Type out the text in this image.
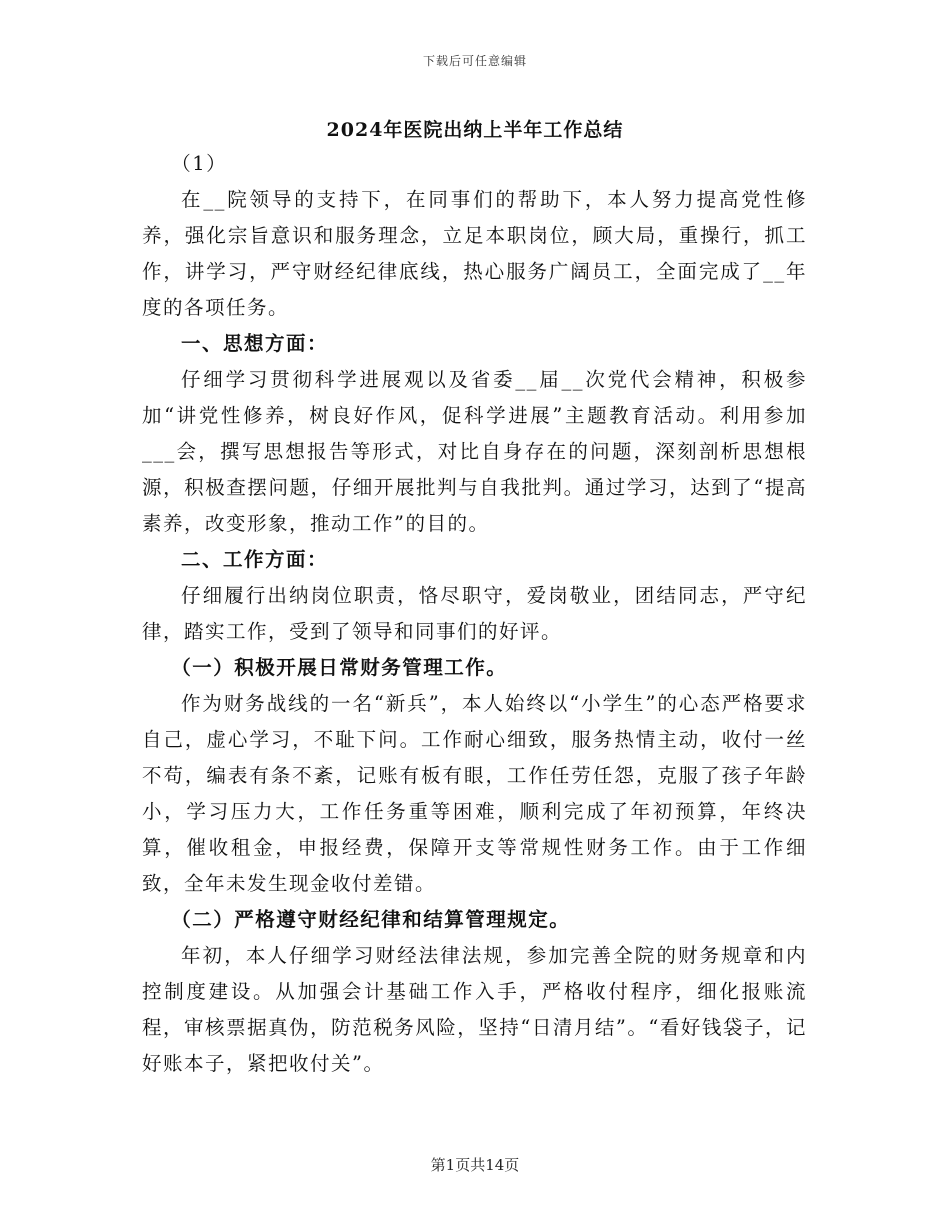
下载后可任意编辑
2024年医院出纳上半年工作总结

（1）

在__院领导的支持下，在同事们的帮助下，本人努力提高党性修养，强化宗旨意识和服务理念，立足本职岗位，顾大局，重操行，抓工作，讲学习，严守财经纪律底线，热心服务广阔员工，全面完成了__年度的各项任务。

一、思想方面：

仔细学习贯彻科学进展观以及省委__届__次党代会精神，积极参加“讲党性修养，树良好作风，促科学进展”主题教育活动。利用参加___会，撰写思想报告等形式，对比自身存在的问题，深刻剖析思想根源，积极查摆问题，仔细开展批判与自我批判。通过学习，达到了“提高素养，改变形象，推动工作”的目的。

二、工作方面：

仔细履行出纳岗位职责，恪尽职守，爱岗敬业，团结同志，严守纪律，踏实工作，受到了领导和同事们的好评。

（一）积极开展日常财务管理工作。

作为财务战线的一名“新兵”，本人始终以“小学生”的心态严格要求自己，虚心学习，不耻下问。工作耐心细致，服务热情主动，收付一丝不苟，编表有条不紊，记账有板有眼，工作任劳任怨，克服了孩子年龄小，学习压力大，工作任务重等困难，顺利完成了年初预算，年终决算，催收租金，申报经费，保障开支等常规性财务工作。由于工作细致，全年未发生现金收付差错。

（二）严格遵守财经纪律和结算管理规定。

年初，本人仔细学习财经法律法规，参加完善全院的财务规章和内控制度建设。从加强会计基础工作入手，严格收付程序，细化报账流程，审核票据真伪，防范税务风险，坚持“日清月结”。“看好钱袋子，记好账本子，紧把收付关”。

第1页共14页
